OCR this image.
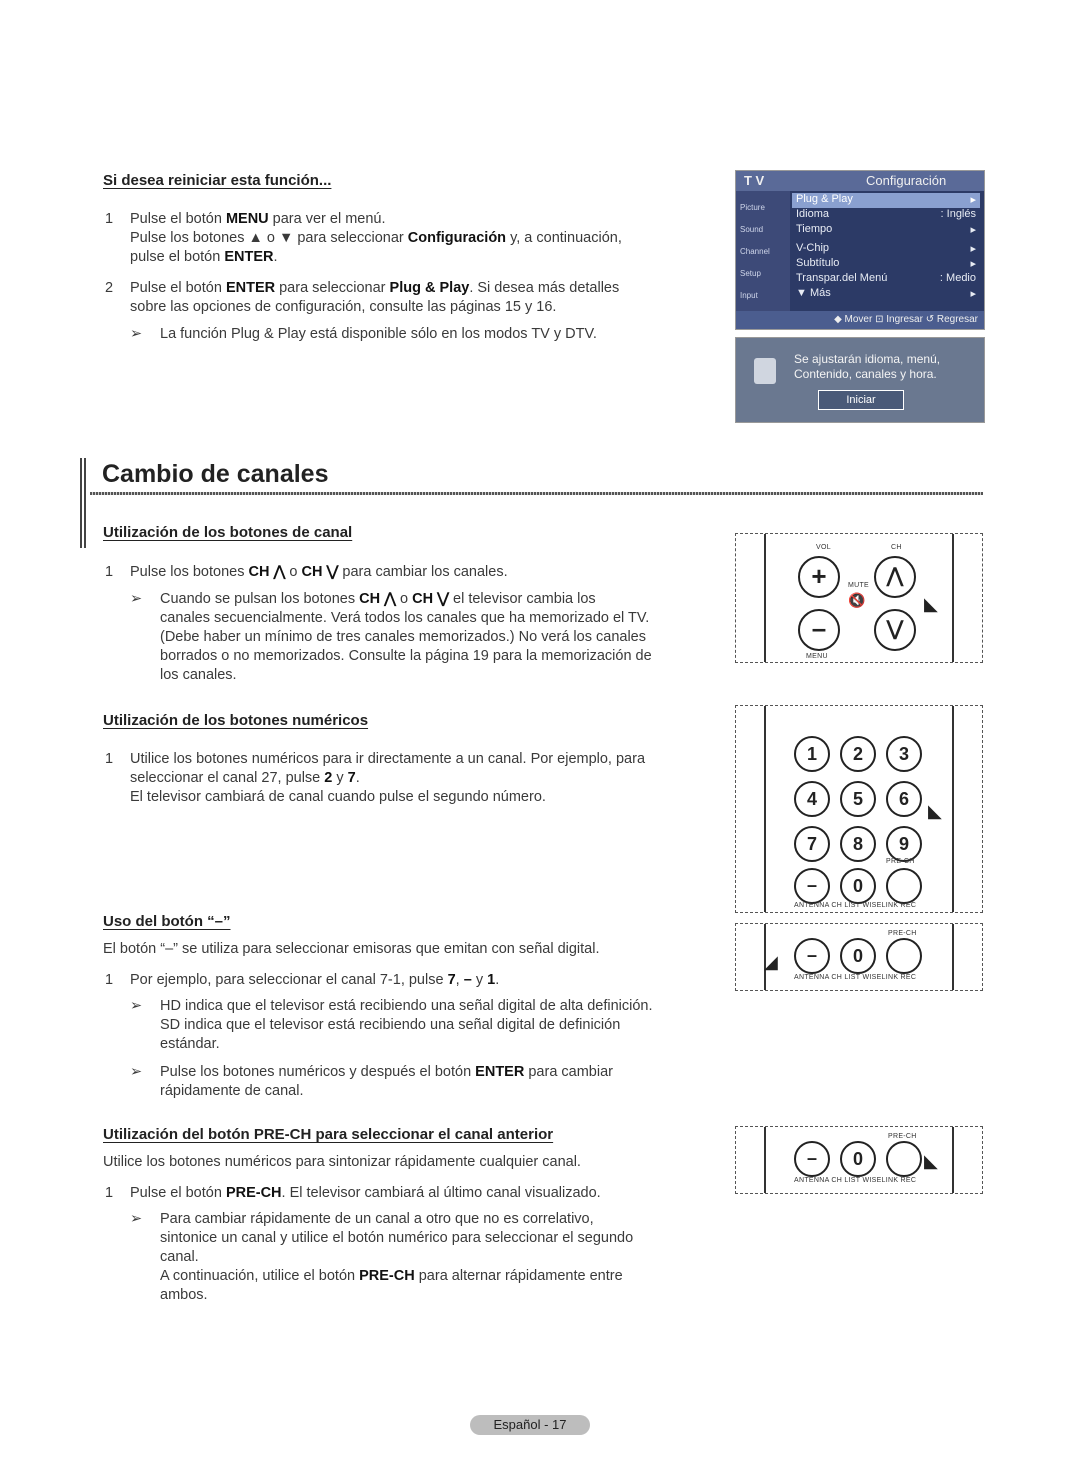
Si desea reiniciar esta función...
1 Pulse el botón MENU para ver el menú.
Pulse los botones ▲ o ▼ para seleccionar Configuración y, a continuación,
pulse el botón ENTER.
2 Pulse el botón ENTER para seleccionar Plug & Play. Si desea más detalles
sobre las opciones de configuración, consulte las páginas 15 y 16.
➢ La función Plug & Play está disponible sólo en los modos TV y DTV.
T V	Configuración
Picture
Sound
Channel
Setup
Input
Plug & Play	▸
Idioma	: Inglés
Tiempo	▸
V-Chip	▸
Subtítulo	▸
Transpar.del Menú	: Medio
▼ Más	▸
◆ Mover ⊡ Ingresar ↺ Regresar
Se ajustarán idioma, menú,
Contenido, canales y hora.
Iniciar
Cambio de canales
Utilización de los botones de canal
1 Pulse los botones CH ⋀ o CH ⋁ para cambiar los canales.
➢ Cuando se pulsan los botones CH ⋀ o CH ⋁ el televisor cambia los
canales secuencialmente. Verá todos los canales que ha memorizado el TV.
(Debe haber un mínimo de tres canales memorizados.) No verá los canales
borrados o no memorizados. Consulte la página 19 para la memorización de
los canales.
Utilización de los botones numéricos
1 Utilice los botones numéricos para ir directamente a un canal. Por ejemplo, para
seleccionar el canal 27, pulse 2 y 7.
El televisor cambiará de canal cuando pulse el segundo número.
Uso del botón “–”
El botón “–” se utiliza para seleccionar emisoras que emitan con señal digital.
1 Por ejemplo, para seleccionar el canal 7-1, pulse 7, – y 1.
➢ HD indica que el televisor está recibiendo una señal digital de alta definición.
SD indica que el televisor está recibiendo una señal digital de definición
estándar.
➢ Pulse los botones numéricos y después el botón ENTER para cambiar
rápidamente de canal.
Utilización del botón PRE-CH para seleccionar el canal anterior
Utilice los botones numéricos para sintonizar rápidamente cualquier canal.
1 Pulse el botón PRE-CH. El televisor cambiará al último canal visualizado.
➢ Para cambiar rápidamente de un canal a otro que no es correlativo,
sintonice un canal y utilice el botón numérico para seleccionar el segundo
canal.
A continuación, utilice el botón PRE-CH para alternar rápidamente entre
ambos.
VOL	CH
+
–
⋀
⋁
MUTE
🔇
MENU
◣
1	2	3
4	5	6
7	8	9
–	0
PRE-CH
ANTENNA CH LIST WISELINK REC
◣
PRE-CH
–	0
ANTENNA CH LIST WISELINK REC
◢
PRE-CH
–	0
ANTENNA CH LIST WISELINK REC
◣
Español - 17
